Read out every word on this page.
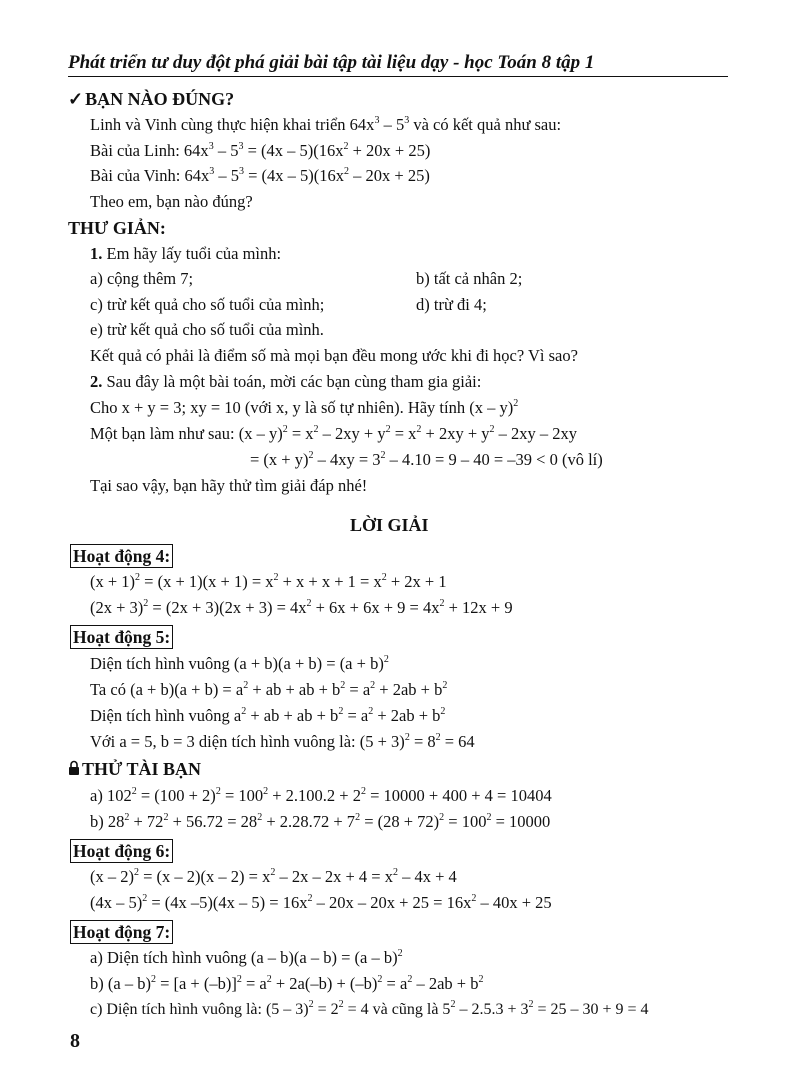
Phát triển tư duy đột phá giải bài tập tài liệu dạy - học Toán 8 tập 1
✓ BẠN NÀO ĐÚNG?
Linh và Vinh cùng thực hiện khai triển $64x^3 - 5^3$ và có kết quả như sau:
Bài của Linh: $64x^3 - 5^3 = (4x - 5)(16x^2 + 20x + 25)$
Bài của Vinh: $64x^3 - 5^3 = (4x - 5)(16x^2 - 20x + 25)$
Theo em, bạn nào đúng?
THƯ GIẢN:
1. Em hãy lấy tuổi của mình:
a) cộng thêm 7;	b) tất cả nhân 2;
c) trừ kết quả cho số tuổi của mình;	d) trừ đi 4;
e) trừ kết quả cho số tuổi của mình.
Kết quả có phải là điểm số mà mọi bạn đều mong ước khi đi học? Vì sao?
2. Sau đây là một bài toán, mời các bạn cùng tham gia giải:
Cho x + y = 3; xy = 10 (với x, y là số tự nhiên). Hãy tính (x – y)$^2$
Một bạn làm như sau: $(x - y)^2 = x^2 - 2xy + y^2 = x^2 + 2xy + y^2 - 2xy - 2xy$
= $(x + y)^2 - 4xy = 3^2 - 4.10 = 9 - 40 = -39 < 0$ (vô lí)
Tại sao vậy, bạn hãy thử tìm giải đáp nhé!
LỜI GIẢI
Hoạt động 4:
$(x + 1)^2 = (x + 1)(x + 1) = x^2 + x + x + 1 = x^2 + 2x + 1$
$(2x + 3)^2 = (2x + 3)(2x + 3) = 4x^2 + 6x + 6x + 9 = 4x^2 + 12x + 9$
Hoạt động 5:
Diện tích hình vuông $(a + b)(a + b) = (a + b)^2$
Ta có $(a + b)(a + b) = a^2$ + ab + ab + $b^2 = a^2 + 2ab + b^2$
Diện tích hình vuông $a^2$ + ab + ab + $b^2 = a^2 + 2ab + b^2$
Với a = 5, b = 3 diện tích hình vuông là: $(5 + 3)^2 = 8^2 = 64$
THỬ TÀI BẠN
a) $102^2 = (100 + 2)^2 = 100^2 + 2.100.2 + 2^2 = 10000 + 400 + 4 = 10404$
b) $28^2 + 72^2 + 56.72 = 28^2 + 2.28.72 + 7^2 = (28 + 72)^2 = 100^2 = 10000$
Hoạt động 6:
$(x - 2)^2 = (x - 2)(x - 2) = x^2 - 2x - 2x + 4 = x^2 - 4x + 4$
(4x – 5)$^2$ = (4x $-5)(4x - 5) = 16x^2 - 20x - 20x + 25 = 16x^2 - 40x + 25$
Hoạt động 7:
a) Diện tích hình vuông (a – b)(a – b) = (a – b)$^2$
b) $(a - b)^2 = [a + (-b)]^2 = a^2 + 2a(-b) + (-b)^2 = a^2 - 2ab + b^2$
c) Diện tích hình vuông là: $(5 - 3)^2 = 2^2 = 4$ và cũng là $5^2 - 2.5.3 + 3^2 = 25 - 30 + 9 = 4$
8
